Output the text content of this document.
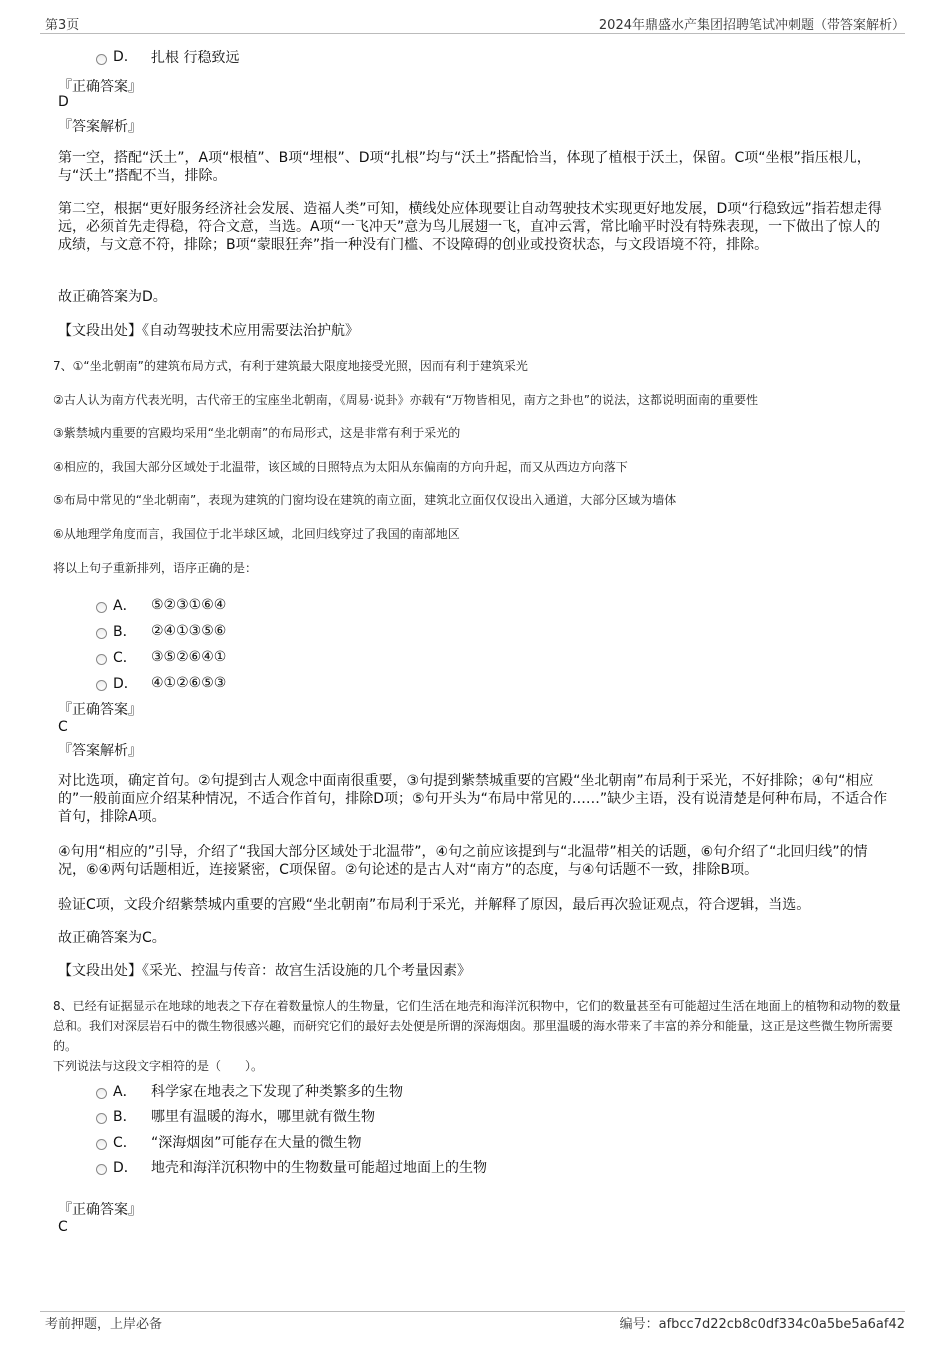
第3页	2024年鼎盛水产集团招聘笔试冲刺题（带答案解析）
D.	扎根 行稳致远
『正确答案』
D
『答案解析』
第一空，搭配“沃土”，A项“根植”、B项“埋根”、D项“扎根”均与“沃土”搭配恰当，体现了植根于沃土，保留。C项“坐根”指压根儿，与“沃土”搭配不当，排除。
第二空，根据“更好服务经济社会发展、造福人类”可知，横线处应体现要让自动驾驶技术实现更好地发展，D项“行稳致远”指若想走得远，必须首先走得稳，符合文意，当选。A项“一飞冲天”意为鸟儿展翅一飞，直冲云霄，常比喻平时没有特殊表现，一下做出了惊人的成绩，与文意不符，排除；B项“蒙眼狂奔”指一种没有门槛、不设障碍的创业或投资状态，与文段语境不符，排除。
故正确答案为D。
【文段出处】《自动驾驶技术应用需要法治护航》
7、①“坐北朝南”的建筑布局方式，有利于建筑最大限度地接受光照，因而有利于建筑采光
②古人认为南方代表光明，古代帝王的宝座坐北朝南，《周易·说卦》亦载有“万物皆相见，南方之卦也”的说法，这都说明面南的重要性
③紫禁城内重要的宫殿均采用“坐北朝南”的布局形式，这是非常有利于采光的
④相应的，我国大部分区域处于北温带，该区域的日照特点为太阳从东偏南的方向升起，而又从西边方向落下
⑤布局中常见的“坐北朝南”，表现为建筑的门窗均设在建筑的南立面，建筑北立面仅仅设出入通道，大部分区域为墙体
⑥从地理学角度而言，我国位于北半球区域，北回归线穿过了我国的南部地区
将以上句子重新排列，语序正确的是：
A．	⑤②③①⑥④
B．	②④①③⑤⑥
C．	③⑤②⑥④①
D． ④①②⑥⑤③
『正确答案』
C
『答案解析』
对比选项，确定首句。②句提到古人观念中面南很重要，③句提到紫禁城重要的宫殿“坐北朝南”布局利于采光，不好排除；④句“相应的”一般前面应介绍某种情况，不适合作首句，排除D项；⑤句开头为“布局中常见的……”缺少主语，没有说清楚是何种布局，不适合作首句，排除A项。
④句用“相应的”引导，介绍了“我国大部分区域处于北温带”，④句之前应该提到与“北温带”相关的话题，⑥句介绍了“北回归线”的情况，⑥④两句话题相近，连接紧密，C项保留。②句论述的是古人对“南方”的态度，与④句话题不一致，排除B项。
验证C项，文段介绍紫禁城内重要的宫殿“坐北朝南”布局利于采光，并解释了原因，最后再次验证观点，符合逻辑，当选。
故正确答案为C。
【文段出处】《采光、控温与传音：故宫生活设施的几个考量因素》
8、已经有证据显示在地球的地表之下存在着数量惊人的生物量，它们生活在地壳和海洋沉积物中，它们的数量甚至有可能超过生活在地面上的植物和动物的数量总和。我们对深层岩石中的微生物很感兴趣，而研究它们的最好去处便是所谓的深海烟囱。那里温暖的海水带来了丰富的养分和能量，这正是这些微生物所需要的。
下列说法与这段文字相符的是（　　）。
A．	科学家在地表之下发现了种类繁多的生物
B．	哪里有温暖的海水，哪里就有微生物
C．	“深海烟囱”可能存在大量的微生物
D． 地壳和海洋沉积物中的生物数量可能超过地面上的生物
『正确答案』
C
考前押题，上岸必备	编号：afbcc7d22cb8c0df334c0a5be5a6af42
